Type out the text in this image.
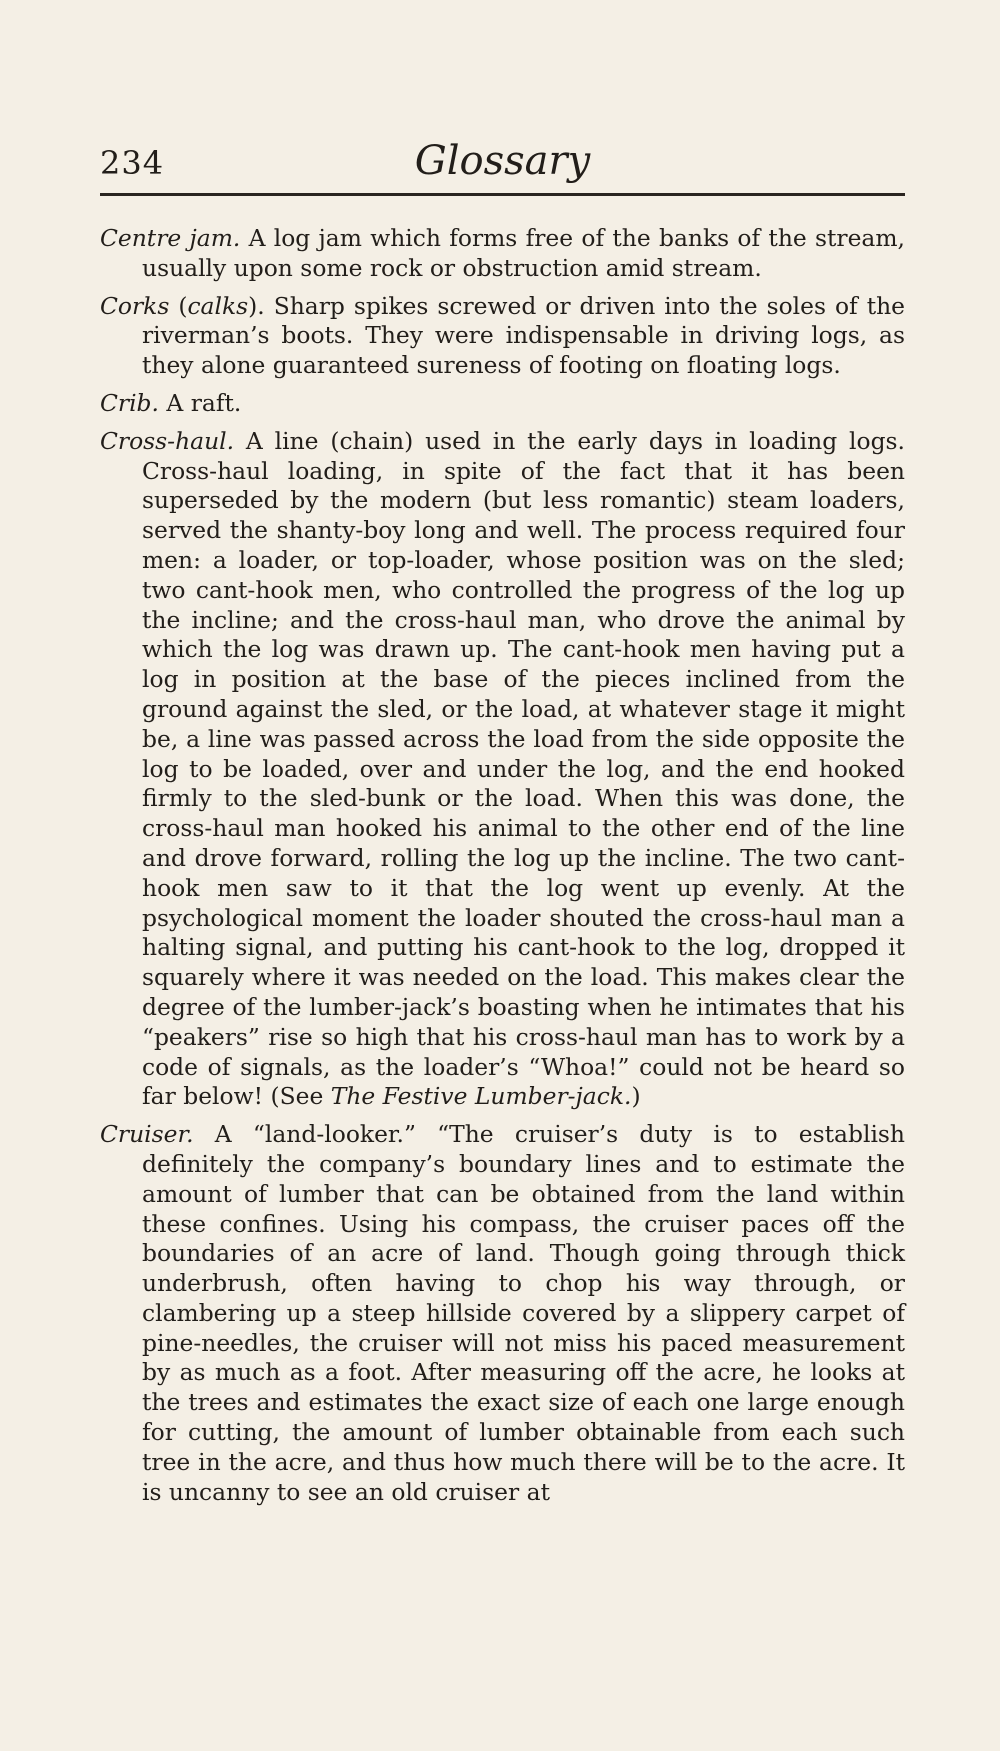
234	Glossary

Centre jam. A log jam which forms free of the banks of the stream, usually upon some rock or obstruction amid stream.

Corks (calks). Sharp spikes screwed or driven into the soles of the riverman’s boots. They were indispensable in driving logs, as they alone guaranteed sureness of footing on floating logs.

Crib. A raft.

Cross-haul. A line (chain) used in the early days in loading logs. Cross-haul loading, in spite of the fact that it has been superseded by the modern (but less romantic) steam loaders, served the shanty-boy long and well. The process required four men: a loader, or top-loader, whose position was on the sled; two cant-hook men, who controlled the progress of the log up the incline; and the cross-haul man, who drove the animal by which the log was drawn up. The cant-hook men having put a log in position at the base of the pieces inclined from the ground against the sled, or the load, at whatever stage it might be, a line was passed across the load from the side opposite the log to be loaded, over and under the log, and the end hooked firmly to the sled-bunk or the load. When this was done, the cross-haul man hooked his animal to the other end of the line and drove forward, rolling the log up the incline. The two cant-hook men saw to it that the log went up evenly. At the psychological moment the loader shouted the cross-haul man a halting signal, and putting his cant-hook to the log, dropped it squarely where it was needed on the load. This makes clear the degree of the lumber-jack’s boasting when he intimates that his “peakers” rise so high that his cross-haul man has to work by a code of signals, as the loader’s “Whoa!” could not be heard so far below! (See The Festive Lumber-jack.)

Cruiser. A “land-looker.” “The cruiser’s duty is to establish definitely the company’s boundary lines and to estimate the amount of lumber that can be obtained from the land within these confines. Using his compass, the cruiser paces off the boundaries of an acre of land. Though going through thick underbrush, often having to chop his way through, or clambering up a steep hillside covered by a slippery carpet of pine-needles, the cruiser will not miss his paced measurement by as much as a foot. After measuring off the acre, he looks at the trees and estimates the exact size of each one large enough for cutting, the amount of lumber obtainable from each such tree in the acre, and thus how much there will be to the acre. It is uncanny to see an old cruiser at
